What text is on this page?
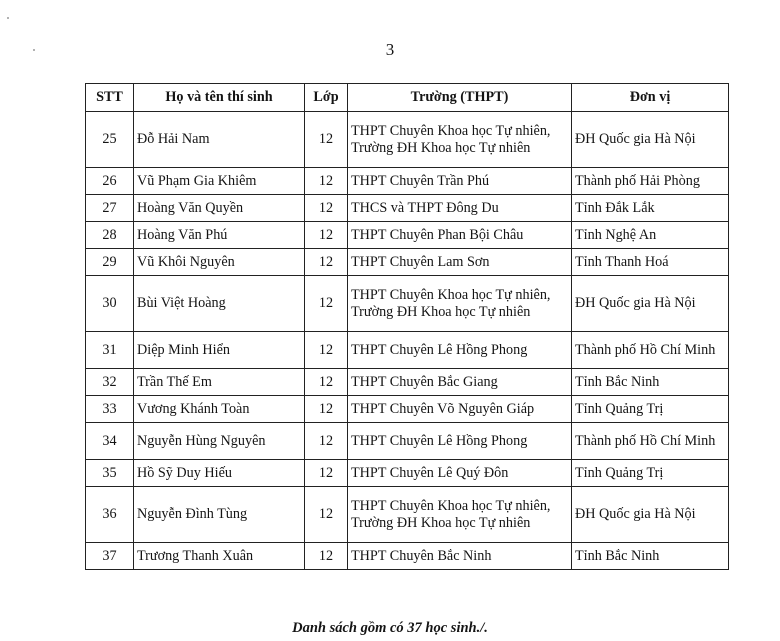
3
STT	Họ và tên thí sinh	Lớp	Trường (THPT)	Đơn vị
25	Đỗ Hải Nam	12	THPT Chuyên Khoa học Tự nhiên, Trường ĐH Khoa học Tự nhiên	ĐH Quốc gia Hà Nội
26	Vũ Phạm Gia Khiêm	12	THPT Chuyên Trần Phú	Thành phố Hải Phòng
27	Hoàng Văn Quyền	12	THCS và THPT Đông Du	Tỉnh Đắk Lắk
28	Hoàng Văn Phú	12	THPT Chuyên Phan Bội Châu	Tỉnh Nghệ An
29	Vũ Khôi Nguyên	12	THPT Chuyên Lam Sơn	Tỉnh Thanh Hoá
30	Bùi Việt Hoàng	12	THPT Chuyên Khoa học Tự nhiên, Trường ĐH Khoa học Tự nhiên	ĐH Quốc gia Hà Nội
31	Diệp Minh Hiển	12	THPT Chuyên Lê Hồng Phong	Thành phố Hồ Chí Minh
32	Trần Thế Em	12	THPT Chuyên Bắc Giang	Tỉnh Bắc Ninh
33	Vương Khánh Toàn	12	THPT Chuyên Võ Nguyên Giáp	Tỉnh Quảng Trị
34	Nguyễn Hùng Nguyên	12	THPT Chuyên Lê Hồng Phong	Thành phố Hồ Chí Minh
35	Hồ Sỹ Duy Hiếu	12	THPT Chuyên Lê Quý Đôn	Tỉnh Quảng Trị
36	Nguyễn Đình Tùng	12	THPT Chuyên Khoa học Tự nhiên, Trường ĐH Khoa học Tự nhiên	ĐH Quốc gia Hà Nội
37	Trương Thanh Xuân	12	THPT Chuyên Bắc Ninh	Tỉnh Bắc Ninh
Danh sách gồm có 37 học sinh./.
